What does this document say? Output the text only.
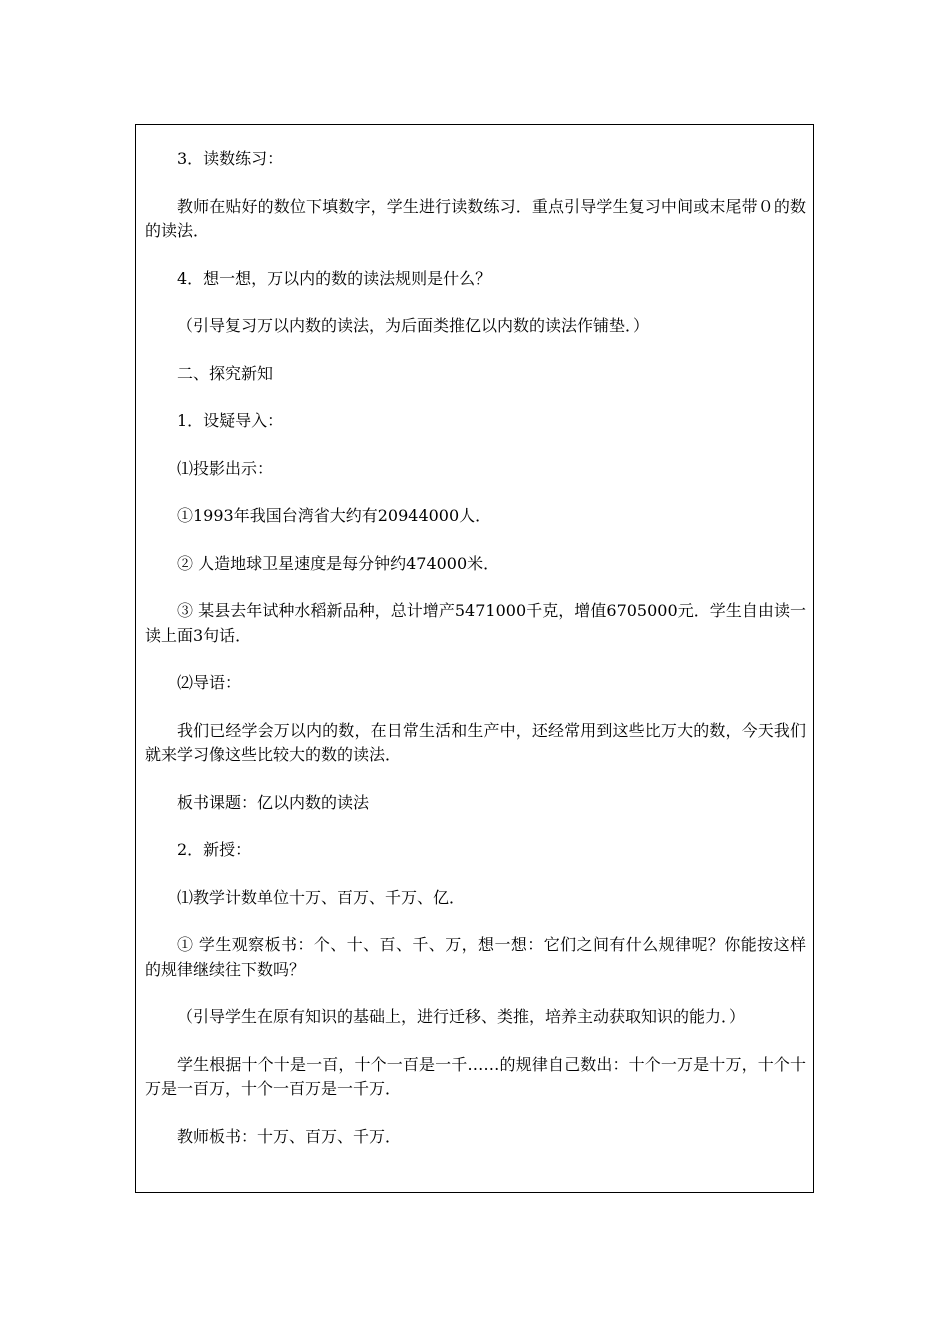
3．读数练习：

教师在贴好的数位下填数字，学生进行读数练习．重点引导学生复习中间或末尾带０的数的读法．

4．想一想，万以内的数的读法规则是什么？

（引导复习万以内数的读法，为后面类推亿以内数的读法作铺垫．）

二、探究新知

1．设疑导入：

⑴投影出示：

①1993年我国台湾省大约有20944000人．

② 人造地球卫星速度是每分钟约474000米．

③ 某县去年试种水稻新品种，总计增产5471000千克，增值6705000元．学生自由读一读上面3句话．

⑵导语：

我们已经学会万以内的数，在日常生活和生产中，还经常用到这些比万大的数，今天我们就来学习像这些比较大的数的读法．

板书课题：亿以内数的读法

2．新授：

⑴教学计数单位十万、百万、千万、亿．

① 学生观察板书：个、十、百、千、万，想一想：它们之间有什么规律呢？你能按这样的规律继续往下数吗？

（引导学生在原有知识的基础上，进行迁移、类推，培养主动获取知识的能力．）

学生根据十个十是一百，十个一百是一千……的规律自己数出：十个一万是十万，十个十万是一百万，十个一百万是一千万．

教师板书：十万、百万、千万．
